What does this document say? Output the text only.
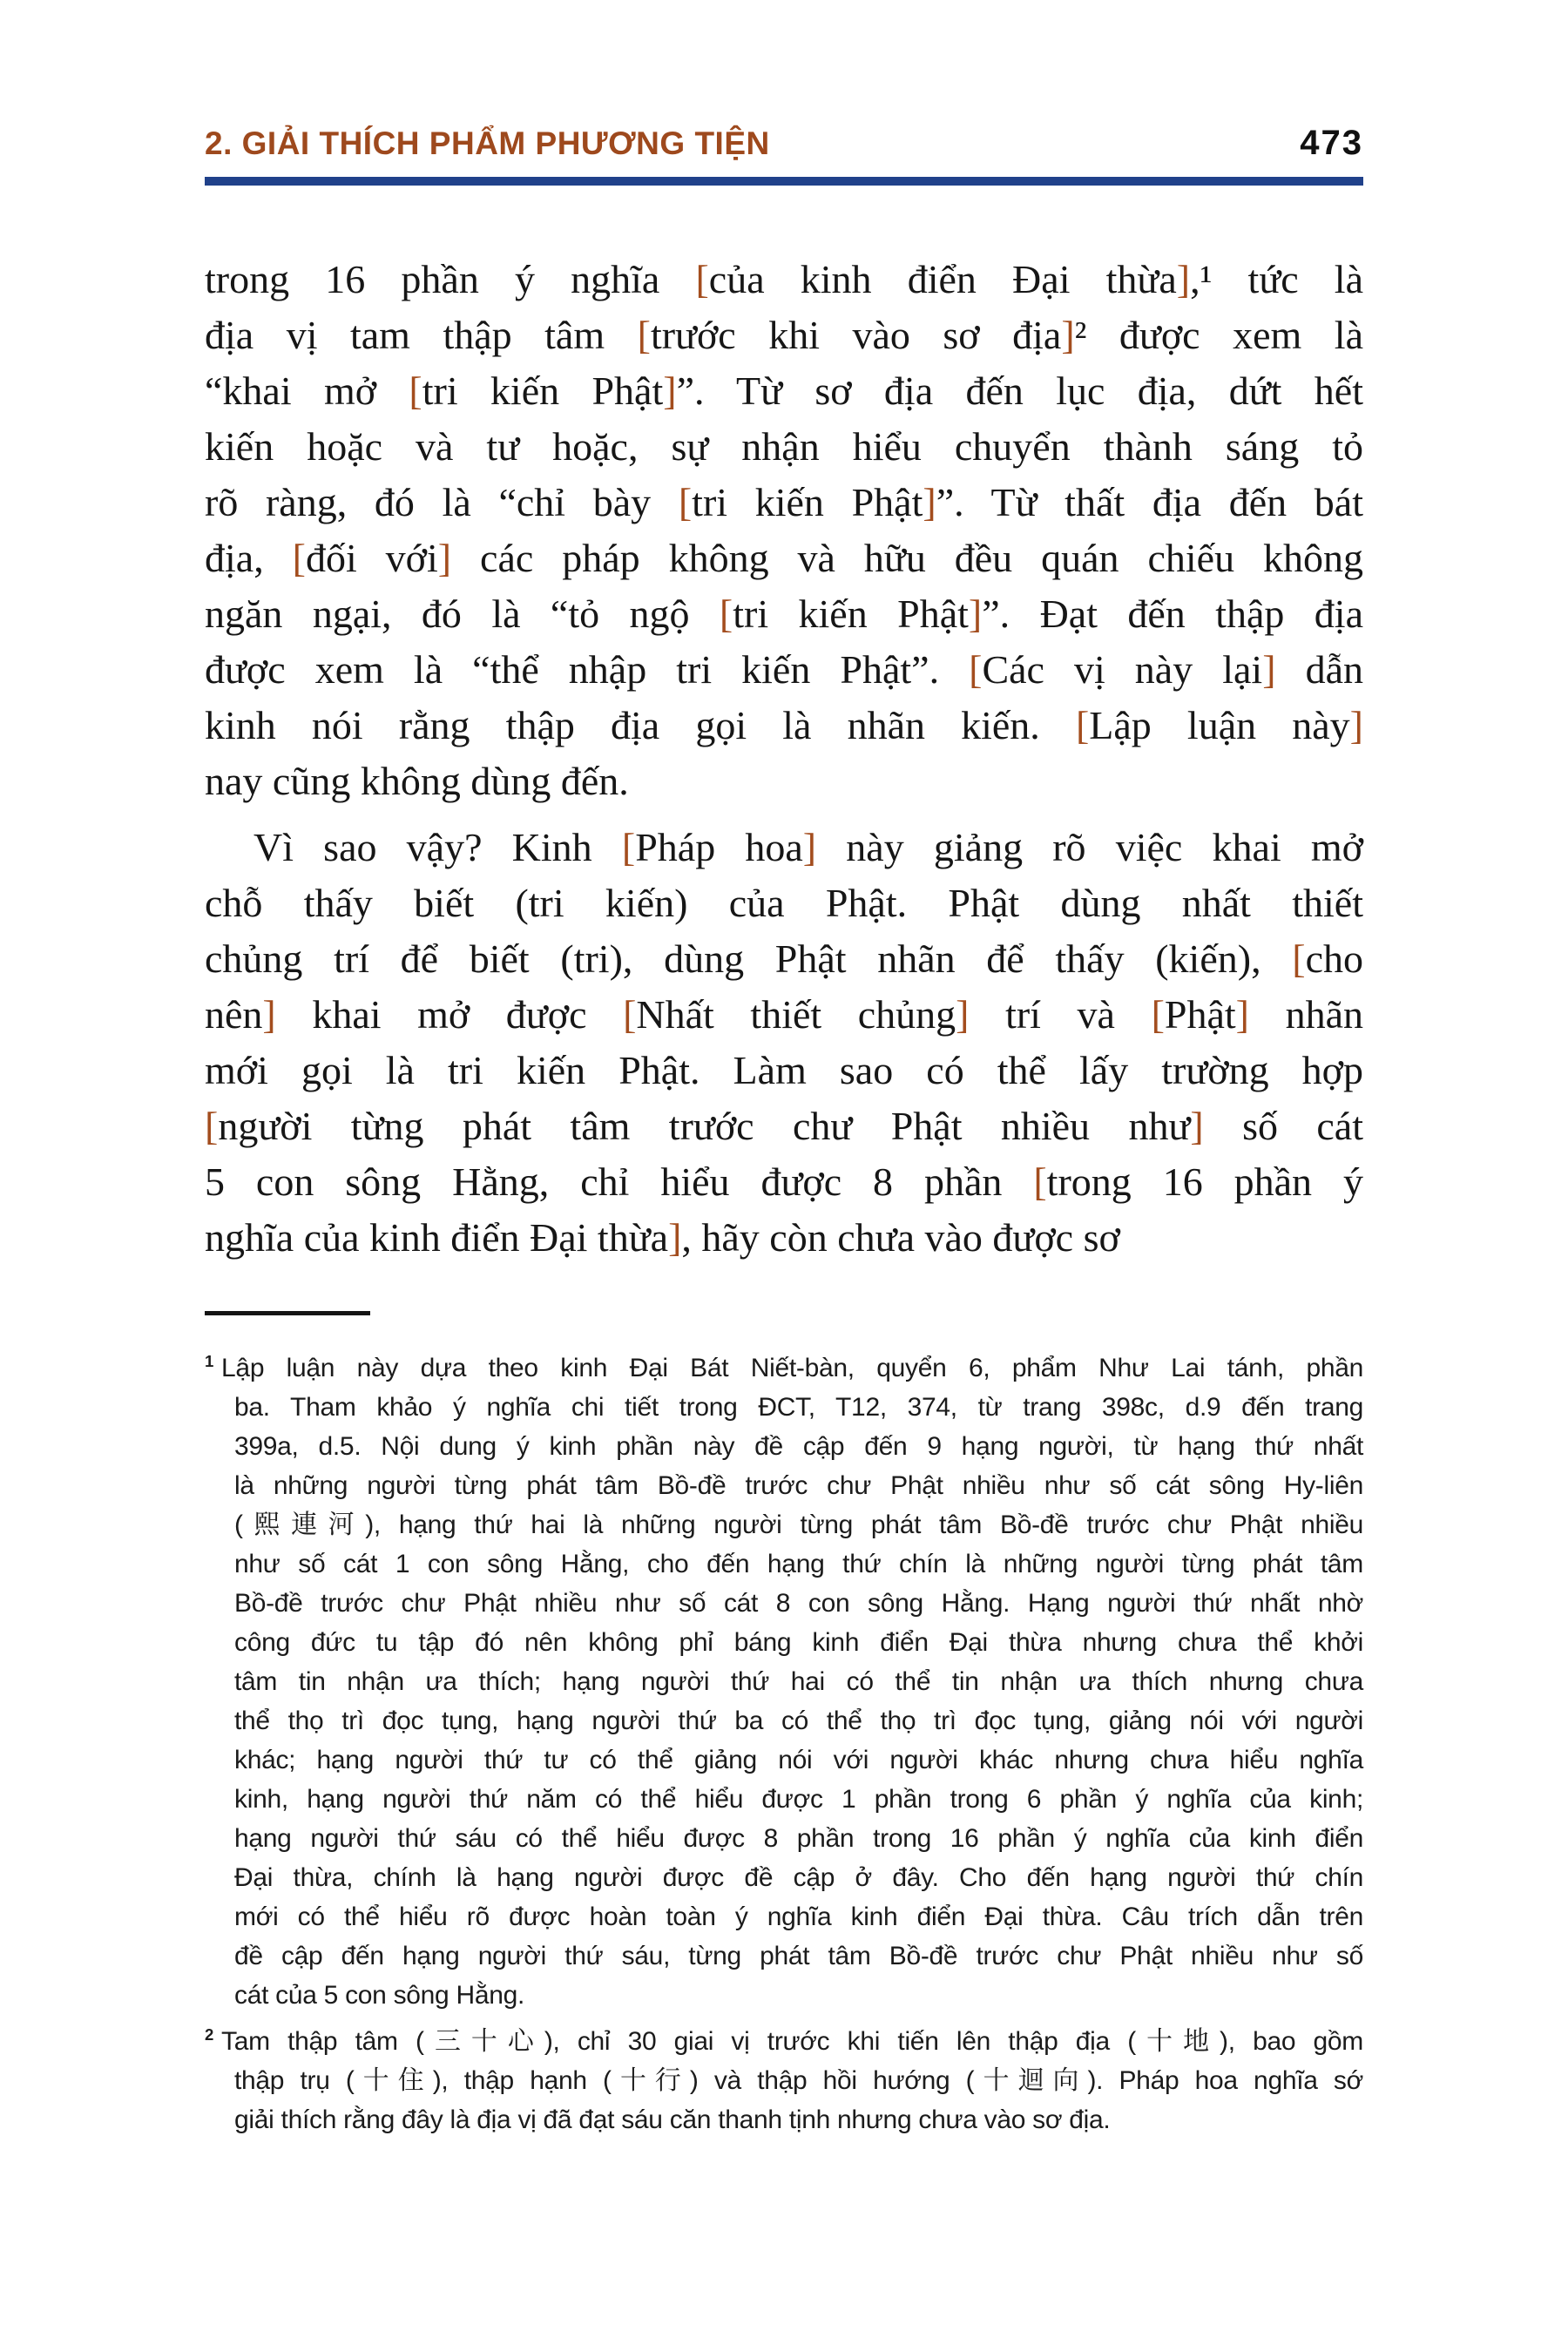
2. GIẢI THÍCH PHẨM PHƯƠNG TIỆN	473
trong 16 phần ý nghĩa [của kinh điển Đại thừa],¹ tức là
địa vị tam thập tâm [trước khi vào sơ địa]² được xem là
“khai mở [tri kiến Phật]”. Từ sơ địa đến lục địa, dứt hết
kiến hoặc và tư hoặc, sự nhận hiểu chuyển thành sáng tỏ
rõ ràng, đó là “chỉ bày [tri kiến Phật]”. Từ thất địa đến bát
địa, [đối với] các pháp không và hữu đều quán chiếu không
ngăn ngại, đó là “tỏ ngộ [tri kiến Phật]”. Đạt đến thập địa
được xem là “thể nhập tri kiến Phật”. [Các vị này lại] dẫn
kinh nói rằng thập địa gọi là nhãn kiến. [Lập luận này]
nay cũng không dùng đến.
Vì sao vậy? Kinh [Pháp hoa] này giảng rõ việc khai mở
chỗ thấy biết (tri kiến) của Phật. Phật dùng nhất thiết
chủng trí để biết (tri), dùng Phật nhãn để thấy (kiến), [cho
nên] khai mở được [Nhất thiết chủng] trí và [Phật] nhãn
mới gọi là tri kiến Phật. Làm sao có thể lấy trường hợp
[người từng phát tâm trước chư Phật nhiều như] số cát
5 con sông Hằng, chỉ hiểu được 8 phần [trong 16 phần ý
nghĩa của kinh điển Đại thừa], hãy còn chưa vào được sơ
$^1$ Lập luận này dựa theo kinh Đại Bát Niết-bàn, quyển 6, phẩm Như Lai tánh, phần
ba. Tham khảo ý nghĩa chi tiết trong ĐCT, T12, 374, từ trang 398c, d.9 đến trang
399a, d.5. Nội dung ý kinh phần này đề cập đến 9 hạng người, từ hạng thứ nhất
là những người từng phát tâm Bồ-đề trước chư Phật nhiều như số cát sông Hy-liên
(熙連河), hạng thứ hai là những người từng phát tâm Bồ-đề trước chư Phật nhiều
như số cát 1 con sông Hằng, cho đến hạng thứ chín là những người từng phát tâm
Bồ-đề trước chư Phật nhiều như số cát 8 con sông Hằng. Hạng người thứ nhất nhờ
công đức tu tập đó nên không phỉ báng kinh điển Đại thừa nhưng chưa thể khởi
tâm tin nhận ưa thích; hạng người thứ hai có thể tin nhận ưa thích nhưng chưa
thể thọ trì đọc tụng, hạng người thứ ba có thể thọ trì đọc tụng, giảng nói với người
khác; hạng người thứ tư có thể giảng nói với người khác nhưng chưa hiểu nghĩa
kinh, hạng người thứ năm có thể hiểu được 1 phần trong 6 phần ý nghĩa của kinh;
hạng người thứ sáu có thể hiểu được 8 phần trong 16 phần ý nghĩa của kinh điển
Đại thừa, chính là hạng người được đề cập ở đây. Cho đến hạng người thứ chín
mới có thể hiểu rõ được hoàn toàn ý nghĩa kinh điển Đại thừa. Câu trích dẫn trên
đề cập đến hạng người thứ sáu, từng phát tâm Bồ-đề trước chư Phật nhiều như số
cát của 5 con sông Hằng.
$^2$ Tam thập tâm (三十心), chỉ 30 giai vị trước khi tiến lên thập địa (十地), bao gồm
thập trụ (十住), thập hạnh (十行) và thập hồi hướng (十迴向). Pháp hoa nghĩa sớ
giải thích rằng đây là địa vị đã đạt sáu căn thanh tịnh nhưng chưa vào sơ địa.
